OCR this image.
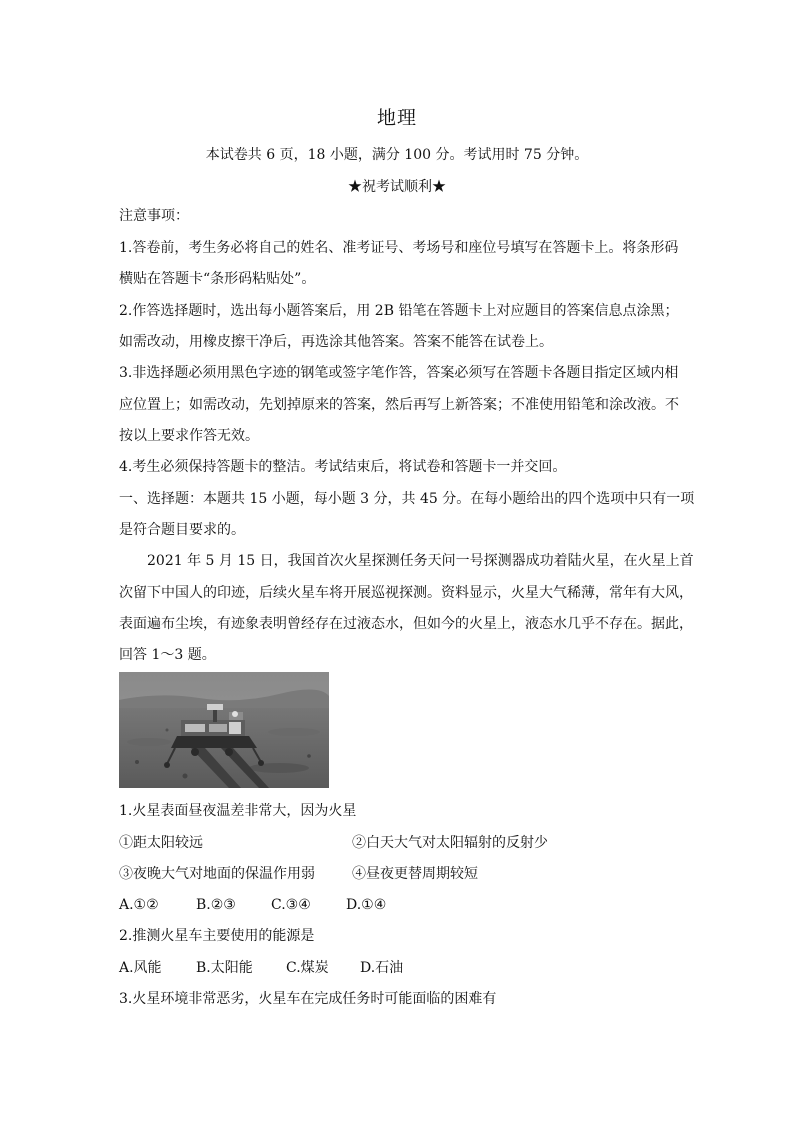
地理
本试卷共 6 页，18 小题，满分 100 分。考试用时 75 分钟。
★祝考试顺利★
注意事项：
1.答卷前，考生务必将自己的姓名、准考证号、考场号和座位号填写在答题卡上。将条形码
横贴在答题卡“条形码粘贴处”。
2.作答选择题时，选出每小题答案后，用 2B 铅笔在答题卡上对应题目的答案信息点涂黑；
如需改动，用橡皮擦干净后，再选涂其他答案。答案不能答在试卷上。
3.非选择题必须用黑色字迹的钢笔或签字笔作答，答案必须写在答题卡各题目指定区域内相
应位置上；如需改动，先划掉原来的答案，然后再写上新答案；不准使用铅笔和涂改液。不
按以上要求作答无效。
4.考生必须保持答题卡的整洁。考试结束后，将试卷和答题卡一并交回。
一、选择题：本题共 15 小题，每小题 3 分，共 45 分。在每小题给出的四个选项中只有一项
是符合题目要求的。
2021 年 5 月 15 日，我国首次火星探测任务天问一号探测器成功着陆火星，在火星上首
次留下中国人的印迹，后续火星车将开展巡视探测。资料显示，火星大气稀薄，常年有大风，
表面遍布尘埃，有迹象表明曾经存在过液态水，但如今的火星上，液态水几乎不存在。据此，
回答 1～3 题。
1.火星表面昼夜温差非常大，因为火星
①距太阳较远	②白天大气对太阳辐射的反射少
③夜晚大气对地面的保温作用弱	④昼夜更替周期较短
A.①②	B.②③	C.③④	D.①④
2.推测火星车主要使用的能源是
A.风能 B.太阳能 C.煤炭 D.石油
3.火星环境非常恶劣，火星车在完成任务时可能面临的困难有
